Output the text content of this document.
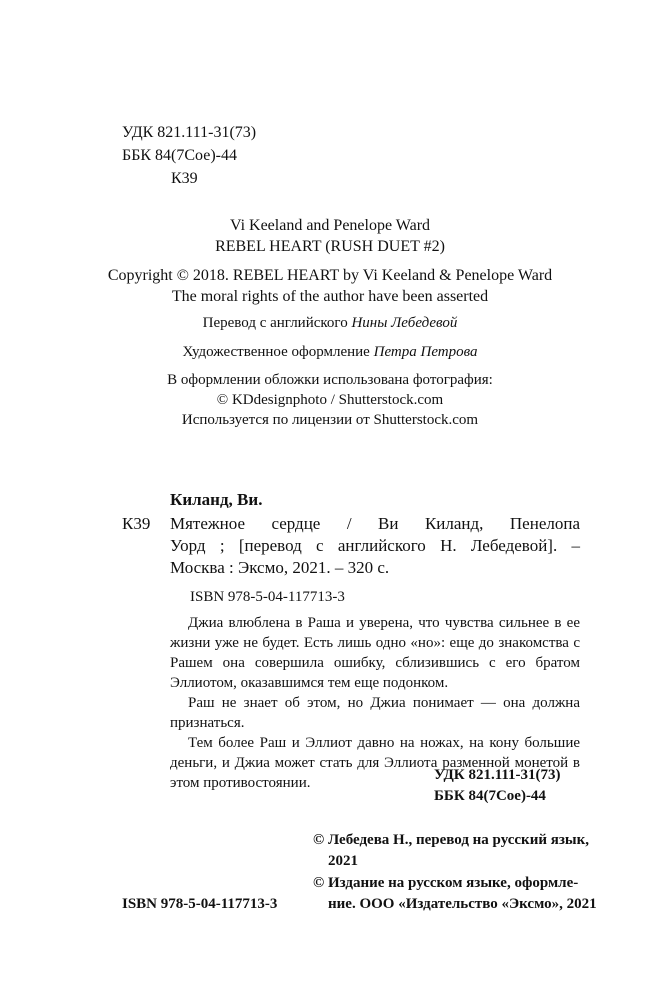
УДК 821.111-31(73)
ББК 84(7Сое)-44
К39
Vi Keeland and Penelope Ward
REBEL HEART (RUSH DUET #2)
Copyright © 2018. REBEL HEART by Vi Keeland & Penelope Ward
The moral rights of the author have been asserted
Перевод с английского Нины Лебедевой
Художественное оформление Петра Петрова
В оформлении обложки использована фотография:
© KDdesignphoto / Shutterstock.com
Используется по лицензии от Shutterstock.com
Киланд, Ви.
К39 Мятежное сердце / Ви Киланд, Пенелопа
Уорд ; [перевод с английского Н. Лебедевой]. –
Москва : Эксмо, 2021. – 320 с.
ISBN 978-5-04-117713-3

Джиа влюблена в Раша и уверена, что чувства сильнее в ее жизни уже не будет. Есть лишь одно «но»: еще до знакомства с Рашем она совершила ошибку, сблизившись с его братом Эллиотом, оказавшимся тем еще подонком.

Раш не знает об этом, но Джиа понимает — она должна признаться.

Тем более Раш и Эллиот давно на ножах, на кону большие деньги, и Джиа может стать для Эллиота разменной монетой в этом противостоянии.	УДК 821.111-31(73)
ББК 84(7Сое)-44
© Лебедева Н., перевод на русский язык,
2021
© Издание на русском языке, оформле-
ние. ООО «Издательство «Эксмо», 2021
ISBN 978-5-04-117713-3
